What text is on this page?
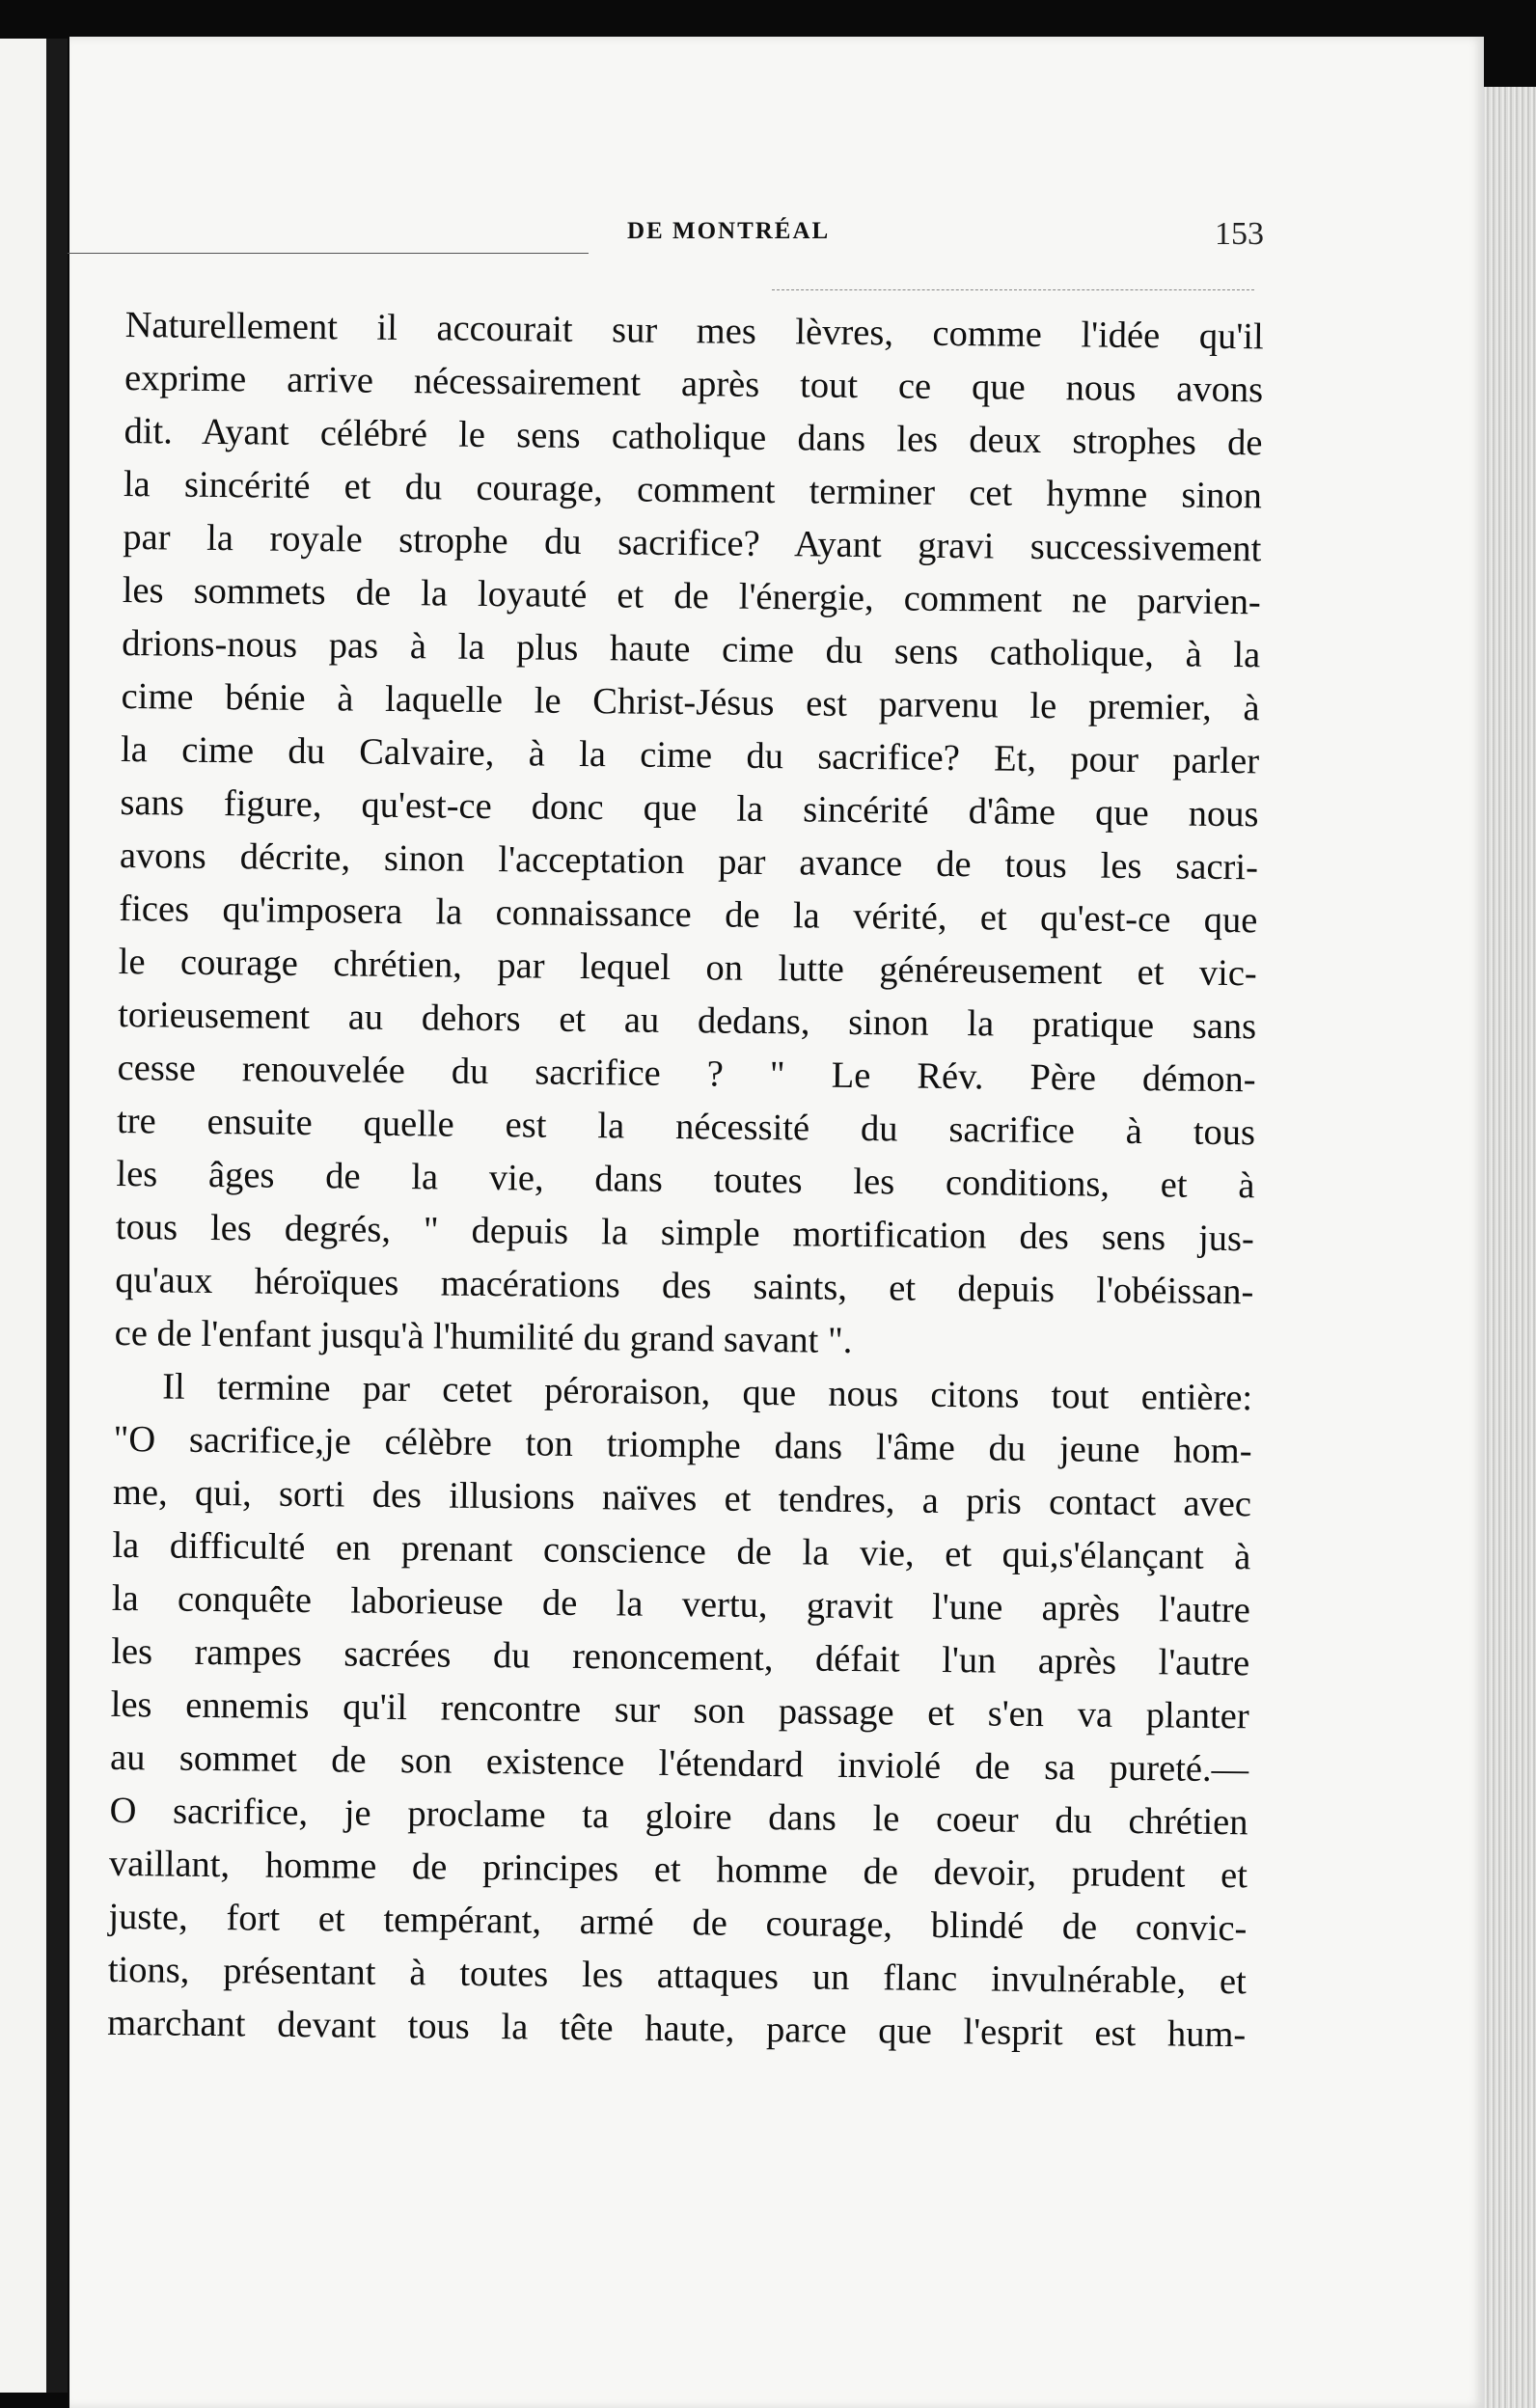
DE MONTRÉAL	153
Naturellement il accourait sur mes lèvres, comme l'idée qu'il
exprime arrive nécessairement après tout ce que nous avons
dit. Ayant célébré le sens catholique dans les deux strophes de
la sincérité et du courage, comment terminer cet hymne sinon
par la royale strophe du sacrifice? Ayant gravi successivement
les sommets de la loyauté et de l'énergie, comment ne parvien-
drions-nous pas à la plus haute cime du sens catholique, à la
cime bénie à laquelle le Christ-Jésus est parvenu le premier, à
la cime du Calvaire, à la cime du sacrifice? Et, pour parler
sans figure, qu'est-ce donc que la sincérité d'âme que nous
avons décrite, sinon l'acceptation par avance de tous les sacri-
fices qu'imposera la connaissance de la vérité, et qu'est-ce que
le courage chrétien, par lequel on lutte généreusement et vic-
torieusement au dehors et au dedans, sinon la pratique sans
cesse renouvelée du sacrifice ? " Le Rév. Père démon-
tre ensuite quelle est la nécessité du sacrifice à tous
les âges de la vie, dans toutes les conditions, et à
tous les degrés, " depuis la simple mortification des sens jus-
qu'aux héroïques macérations des saints, et depuis l'obéissan-
ce de l'enfant jusqu'à l'humilité du grand savant ".
Il termine par cetet péroraison, que nous citons tout entière:
"O sacrifice,je célèbre ton triomphe dans l'âme du jeune hom-
me, qui, sorti des illusions naïves et tendres, a pris contact avec
la difficulté en prenant conscience de la vie, et qui,s'élançant à
la conquête laborieuse de la vertu, gravit l'une après l'autre
les rampes sacrées du renoncement, défait l'un après l'autre
les ennemis qu'il rencontre sur son passage et s'en va planter
au sommet de son existence l'étendard inviolé de sa pureté.—
O sacrifice, je proclame ta gloire dans le coeur du chrétien
vaillant, homme de principes et homme de devoir, prudent et
juste, fort et tempérant, armé de courage, blindé de convic-
tions, présentant à toutes les attaques un flanc invulnérable, et
marchant devant tous la tête haute, parce que l'esprit est hum-
